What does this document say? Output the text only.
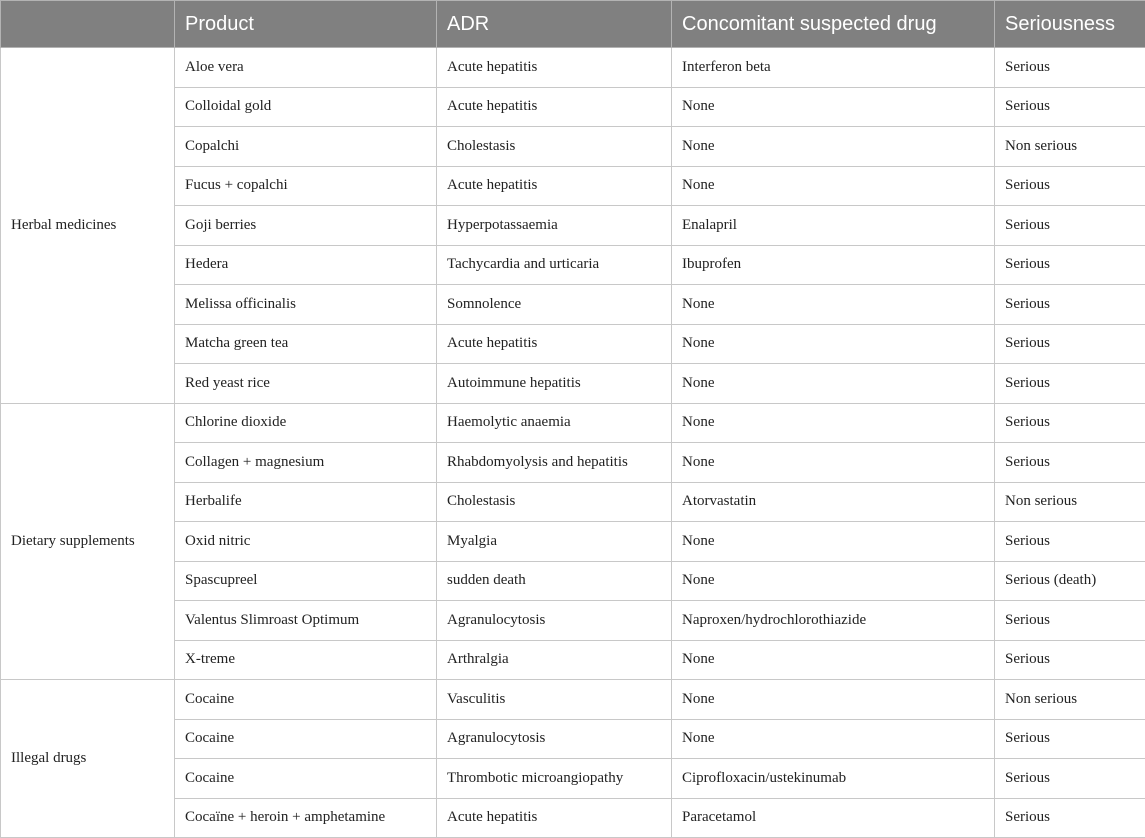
	Product	ADR	Concomitant suspected drug	Seriousness
Herbal medicines	Aloe vera	Acute hepatitis	Interferon beta	Serious
	Colloidal gold	Acute hepatitis	None	Serious
	Copalchi	Cholestasis	None	Non serious
	Fucus + copalchi	Acute hepatitis	None	Serious
	Goji berries	Hyperpotassaemia	Enalapril	Serious
	Hedera	Tachycardia and urticaria	Ibuprofen	Serious
	Melissa officinalis	Somnolence	None	Serious
	Matcha green tea	Acute hepatitis	None	Serious
	Red yeast rice	Autoimmune hepatitis	None	Serious
Dietary supplements	Chlorine dioxide	Haemolytic anaemia	None	Serious
	Collagen + magnesium	Rhabdomyolysis and hepatitis	None	Serious
	Herbalife	Cholestasis	Atorvastatin	Non serious
	Oxid nitric	Myalgia	None	Serious
	Spascupreel	sudden death	None	Serious (death)
	Valentus Slimroast Optimum	Agranulocytosis	Naproxen/hydrochlorothiazide	Serious
	X-treme	Arthralgia	None	Serious
Illegal drugs	Cocaine	Vasculitis	None	Non serious
	Cocaine	Agranulocytosis	None	Serious
	Cocaine	Thrombotic microangiopathy	Ciprofloxacin/ustekinumab	Serious
	Cocaïne + heroin + amphetamine	Acute hepatitis	Paracetamol	Serious
